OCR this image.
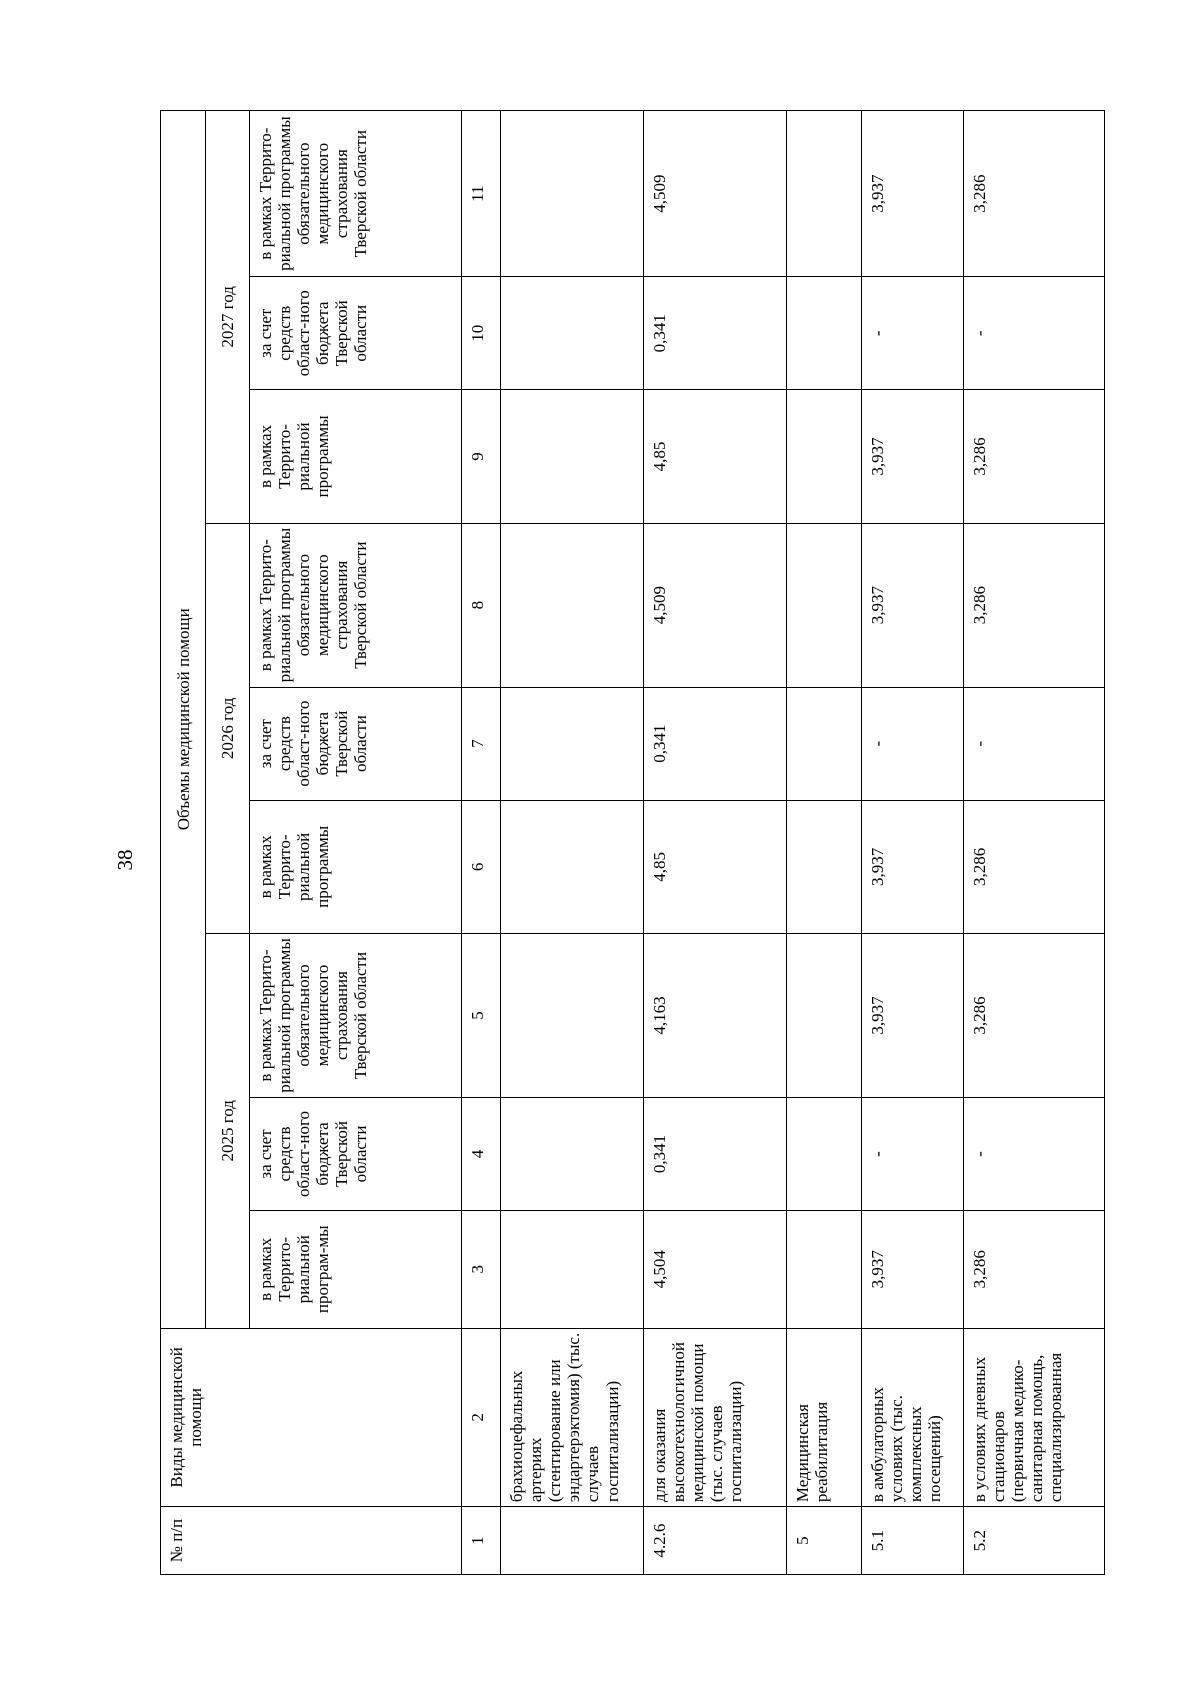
38
№ п/п	Виды медицинской помощи	Объемы медицинской помощи								
		2025 год			2026 год			2027 год		
		в рамках Террито-риальной програм-мы	за счет средств област-ного бюджета Тверской области	в рамках Террито-риальной программы обязательного медицинского страхования Тверской области	в рамках Террито-риальной программы	за счет средств област-ного бюджета Тверской области	в рамках Террито-риальной программы обязательного медицинского страхования Тверской области	в рамках Террито-риальной программы	за счет средств област-ного бюджета Тверской области	в рамках Террито-риальной программы обязательного медицинского страхования Тверской области
1	2	3	4	5	6	7	8	9	10	11
	брахиоцефальных артериях (стентирование или эндартерэктомия) (тыс. случаев госпитализации)									
4.2.6	для оказания высокотехнологичной медицинской помощи (тыс. случаев госпитализации)	4,504	0,341	4,163	4,85	0,341	4,509	4,85	0,341	4,509
5	Медицинская реабилитация									
5.1	в амбулаторных условиях (тыс. комплексных посещений)	3,937	-	3,937	3,937	-	3,937	3,937	-	3,937
5.2	в условиях дневных стационаров (первичная медико-санитарная помощь, специализированная	3,286	-	3,286	3,286	-	3,286	3,286	-	3,286
